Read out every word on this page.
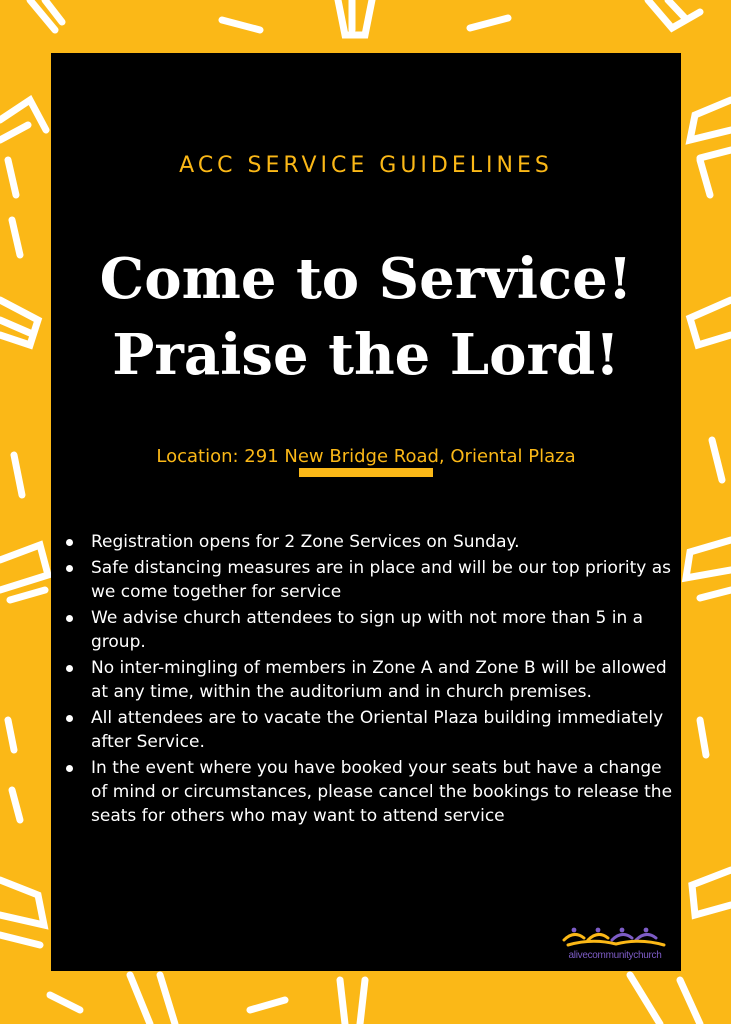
ACC SERVICE GUIDELINES
Come to Service!
Praise the Lord!
Location: 291 New Bridge Road, Oriental Plaza
Registration opens for 2 Zone Services on Sunday.
Safe distancing measures are in place and will be our top priority as we come together for service
We advise church attendees to sign up with not more than 5 in a group.
No inter-mingling of members in Zone A and Zone B will be allowed at any time, within the auditorium and in church premises.
All attendees are to vacate the Oriental Plaza building immediately after Service.
In the event where you have booked your seats but have a change of mind or circumstances, please cancel the bookings to release the seats for others who may want to attend service
alivecommunitychurch
